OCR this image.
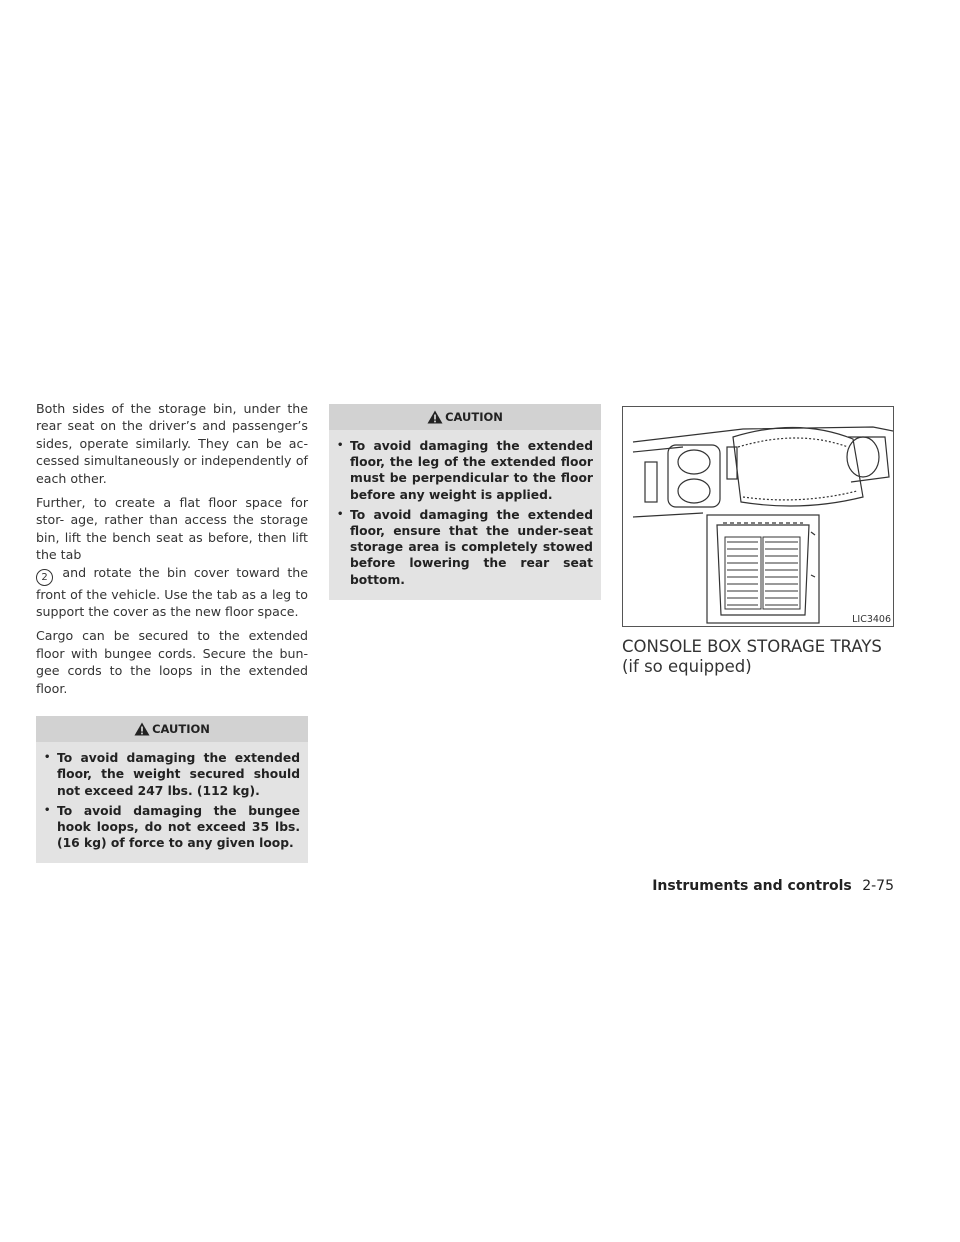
Both sides of the storage bin, under the rear seat on the driver’s and passenger’s sides, operate similarly. They can be ac- cessed simultaneously or independently of each other.

Further, to create a flat floor space for stor- age, rather than access the storage bin, lift the bench seat as before, then lift the tab
2 and rotate the bin cover toward the front of the vehicle. Use the tab as a leg to support the cover as the new floor space.

Cargo can be secured to the extended floor with bungee cords. Secure the bun- gee cords to the loops in the extended floor.

CAUTION
• To avoid damaging the extended floor, the weight secured should not exceed 247 lbs. (112 kg).
• To avoid damaging the bungee hook loops, do not exceed 35 lbs. (16 kg) of force to any given loop.
CAUTION
• To avoid damaging the extended floor, the leg of the extended floor must be perpendicular to the floor before any weight is applied.
• To avoid damaging the extended floor, ensure that the under-seat storage area is completely stowed before lowering the rear seat bottom.
LIC3406
CONSOLE BOX STORAGE TRAYS (if so equipped)
Instruments and controls 2-75
